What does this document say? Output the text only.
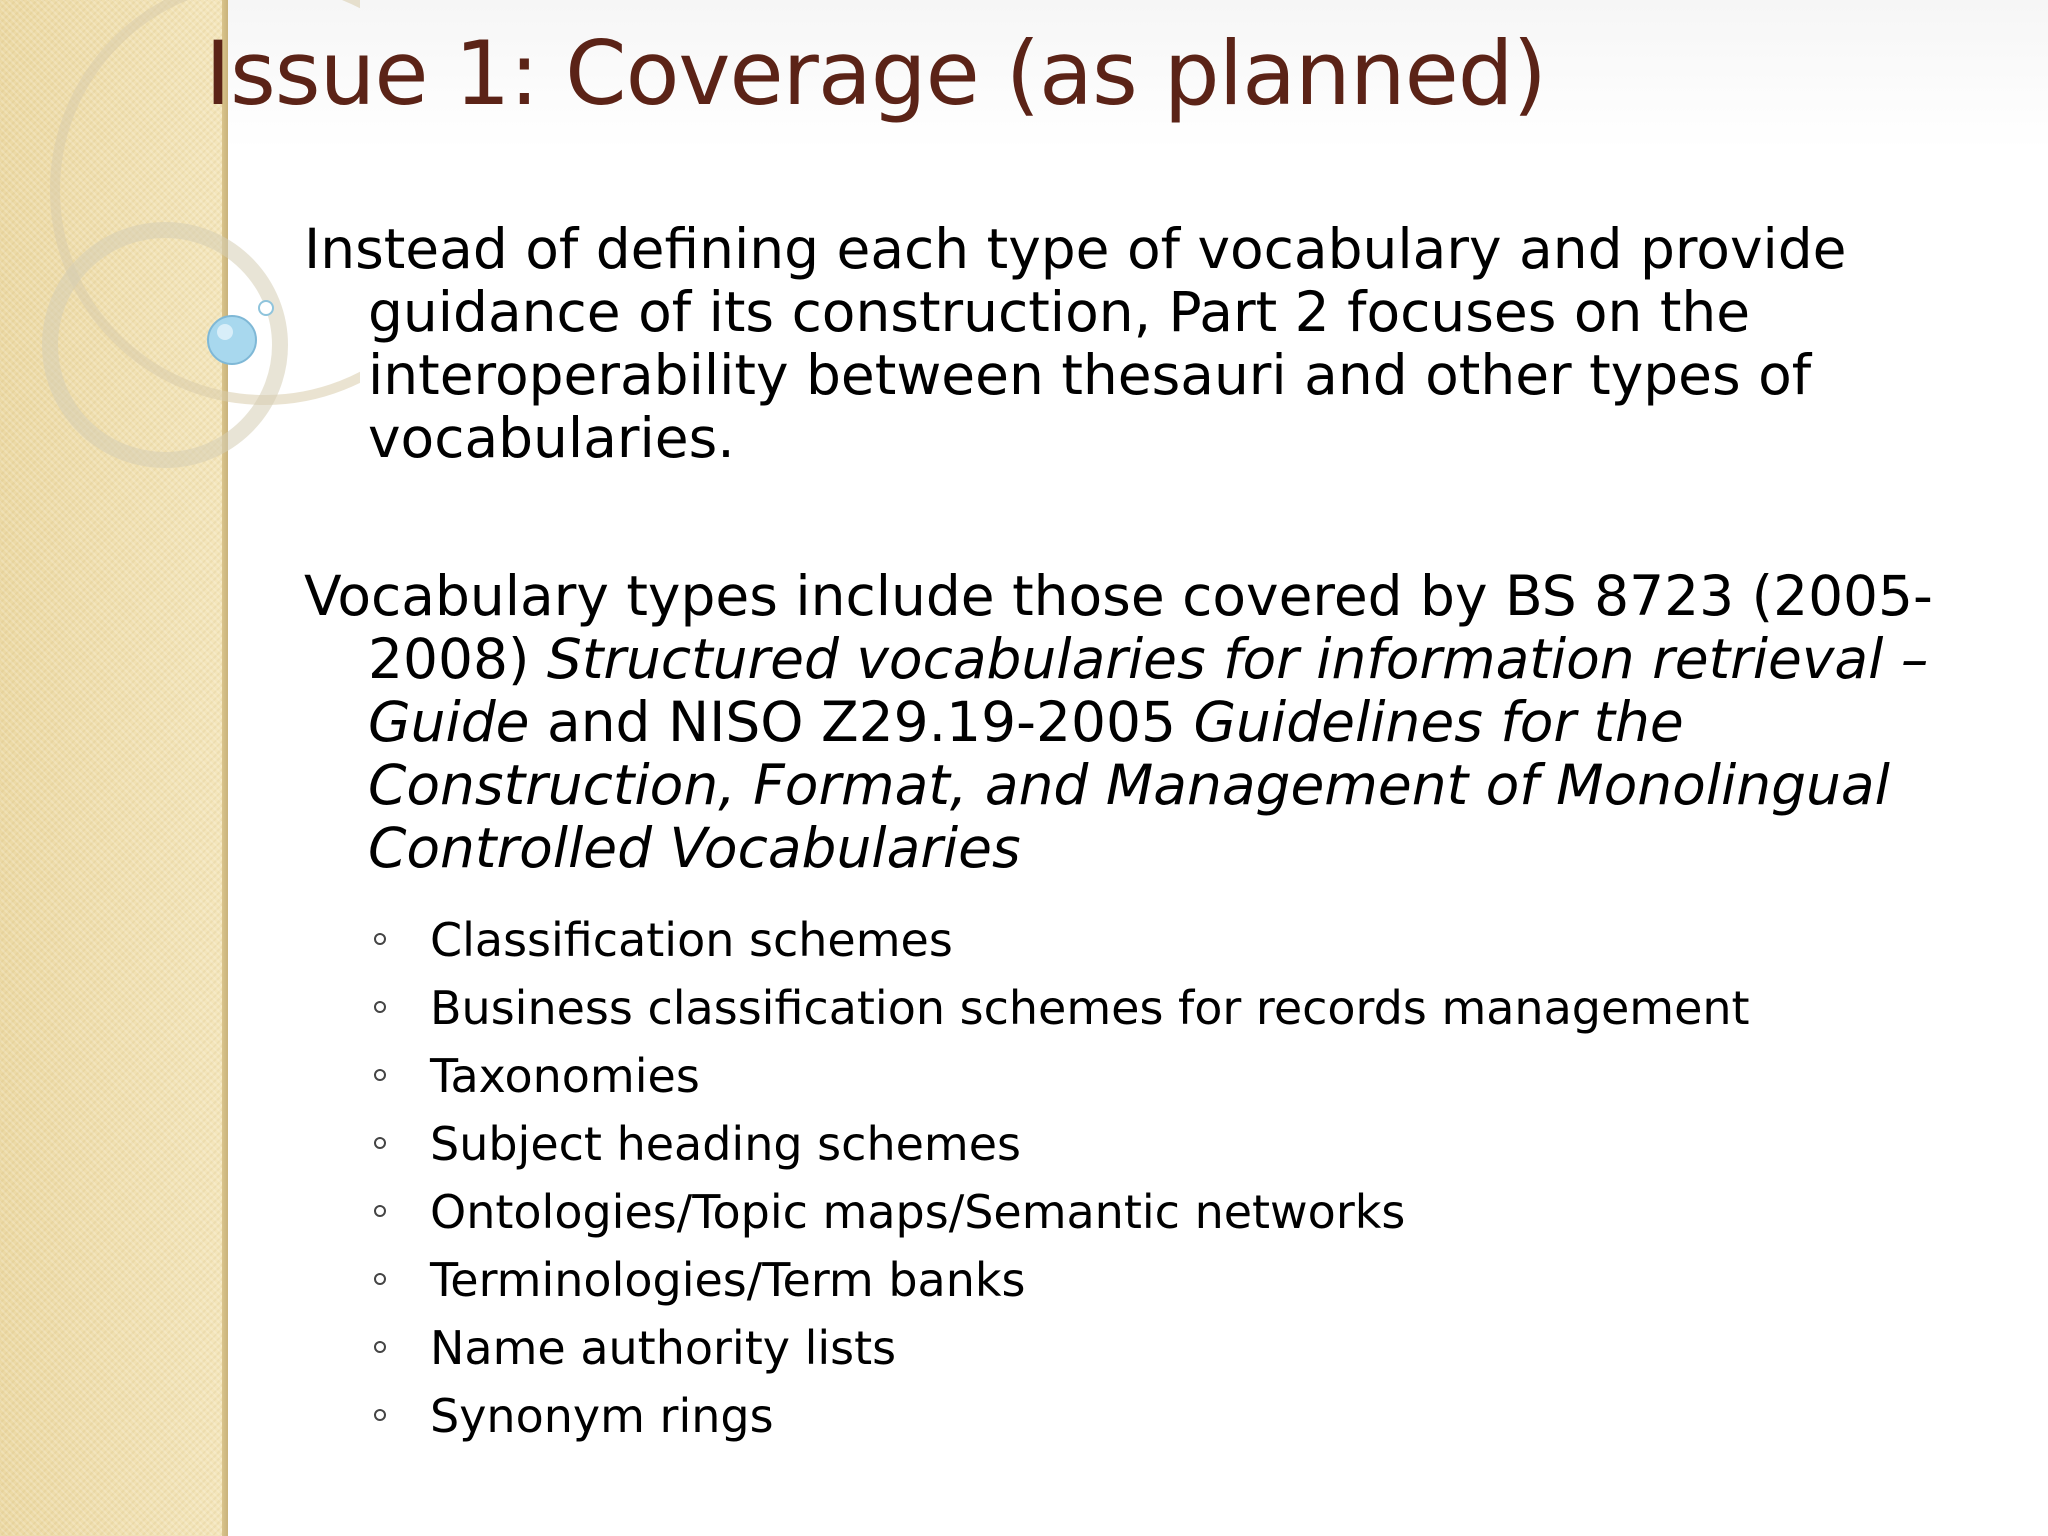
Issue 1: Coverage (as planned)

Instead of defining each type of vocabulary and provide guidance of its construction, Part 2 focuses on the interoperability between thesauri and other types of vocabularies.

Vocabulary types include those covered by BS 8723 (2005-2008) Structured vocabularies for information retrieval – Guide and NISO Z29.19-2005 Guidelines for the Construction, Format, and Management of Monolingual Controlled Vocabularies

Classification schemes
Business classification schemes for records management
Taxonomies
Subject heading schemes
Ontologies/Topic maps/Semantic networks
Terminologies/Term banks
Name authority lists
Synonym rings
